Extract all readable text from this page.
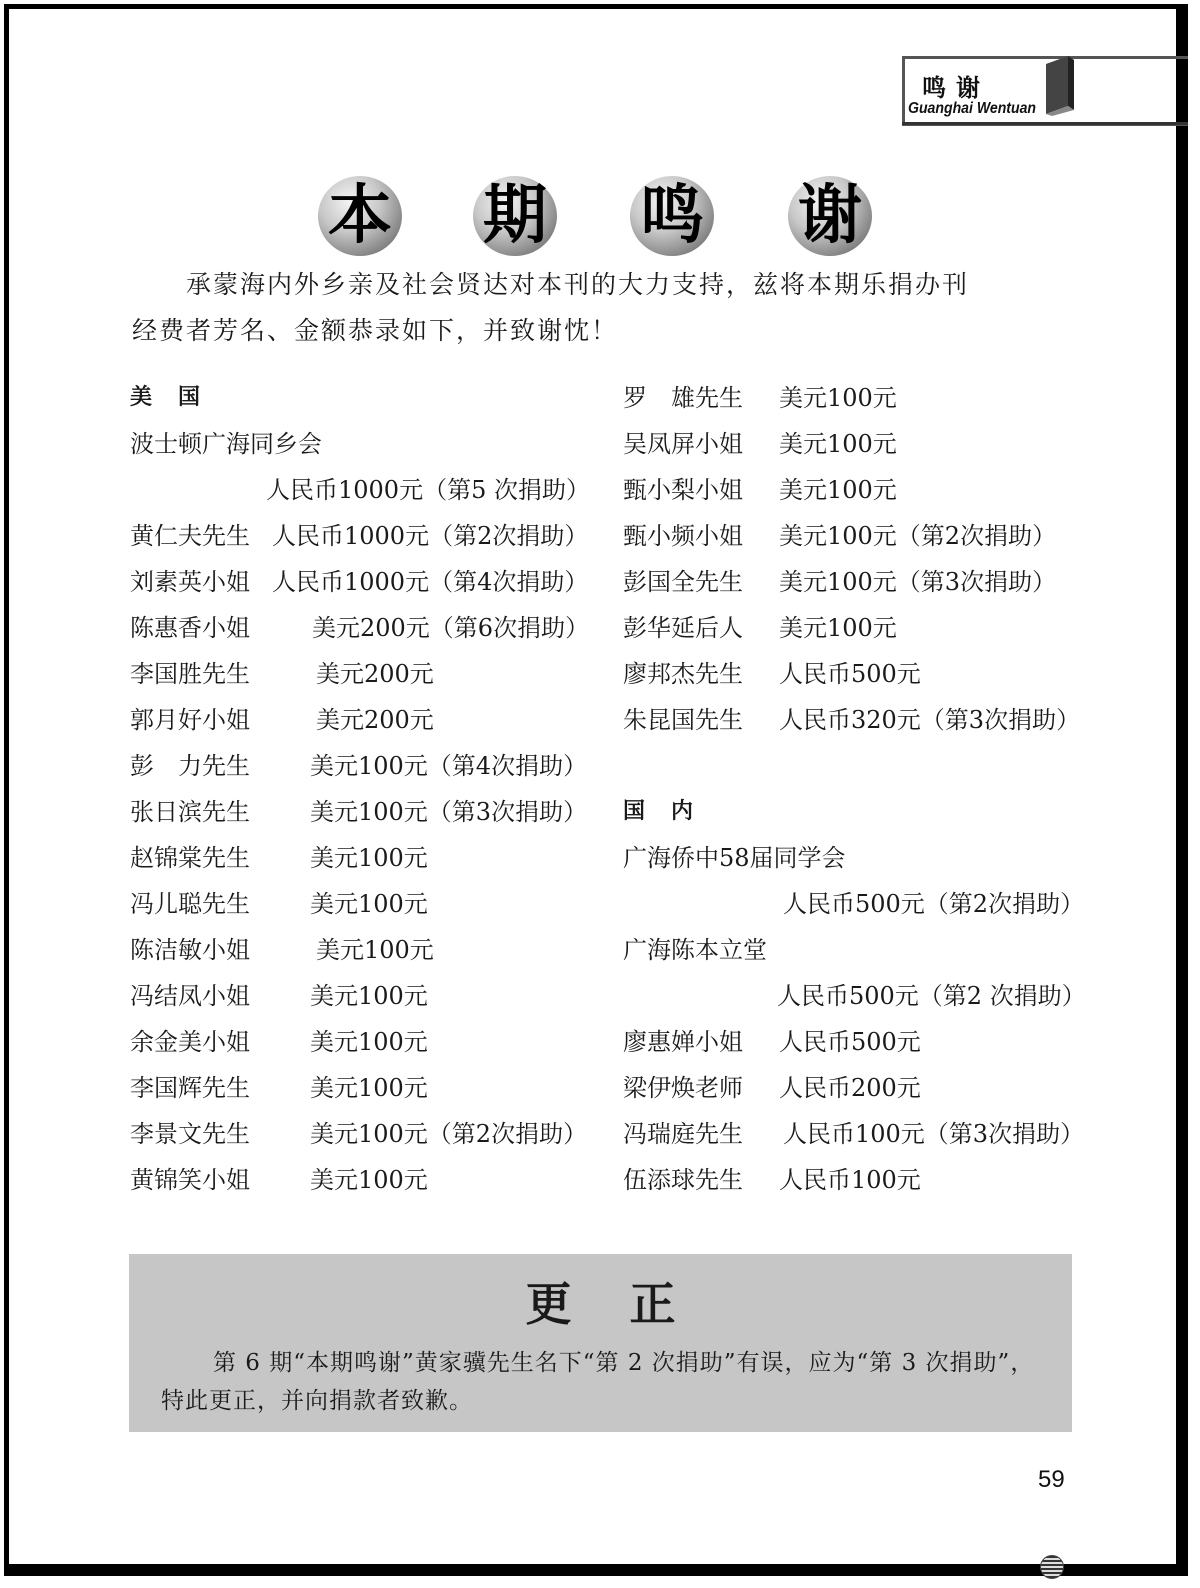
鸣谢
Guanghai Wentuan
本 期 鸣 谢

承蒙海内外乡亲及社会贤达对本刊的大力支持，兹将本期乐捐办刊

经费者芳名、金额恭录如下，并致谢忱！

美国
波士顿广海同乡会
人民币1000元（第5 次捐助）
黄仁夫先生 人民币1000元（第2次捐助）
刘素英小姐 人民币1000元（第4次捐助）
陈惠香小姐	美元200元（第6次捐助）
李国胜先生	美元200元
郭月好小姐	美元200元
彭　力先生	美元100元（第4次捐助）
张日滨先生	美元100元（第3次捐助）
赵锦棠先生	美元100元
冯儿聪先生	美元100元
陈洁敏小姐	美元100元
冯结凤小姐	美元100元
余金美小姐	美元100元
李国辉先生	美元100元
李景文先生	美元100元（第2次捐助）
黄锦笑小姐	美元100元
罗　雄先生 美元100元
吴凤屏小姐 美元100元
甄小梨小姐 美元100元
甄小频小姐 美元100元（第2次捐助）
彭国全先生 美元100元（第3次捐助）
彭华延后人 美元100元
廖邦杰先生 人民币500元
朱昆国先生 人民币320元（第3次捐助）
国内
广海侨中58届同学会
人民币500元（第2次捐助）
广海陈本立堂
人民币500元（第2 次捐助）
廖惠婵小姐 人民币500元
梁伊焕老师 人民币200元
冯瑞庭先生 人民币100元（第3次捐助）
伍添球先生 人民币100元
更正

第 6 期“本期鸣谢”黄家骥先生名下“第 2 次捐助”有误，应为“第 3 次捐助”，

特此更正，并向捐款者致歉。

59
